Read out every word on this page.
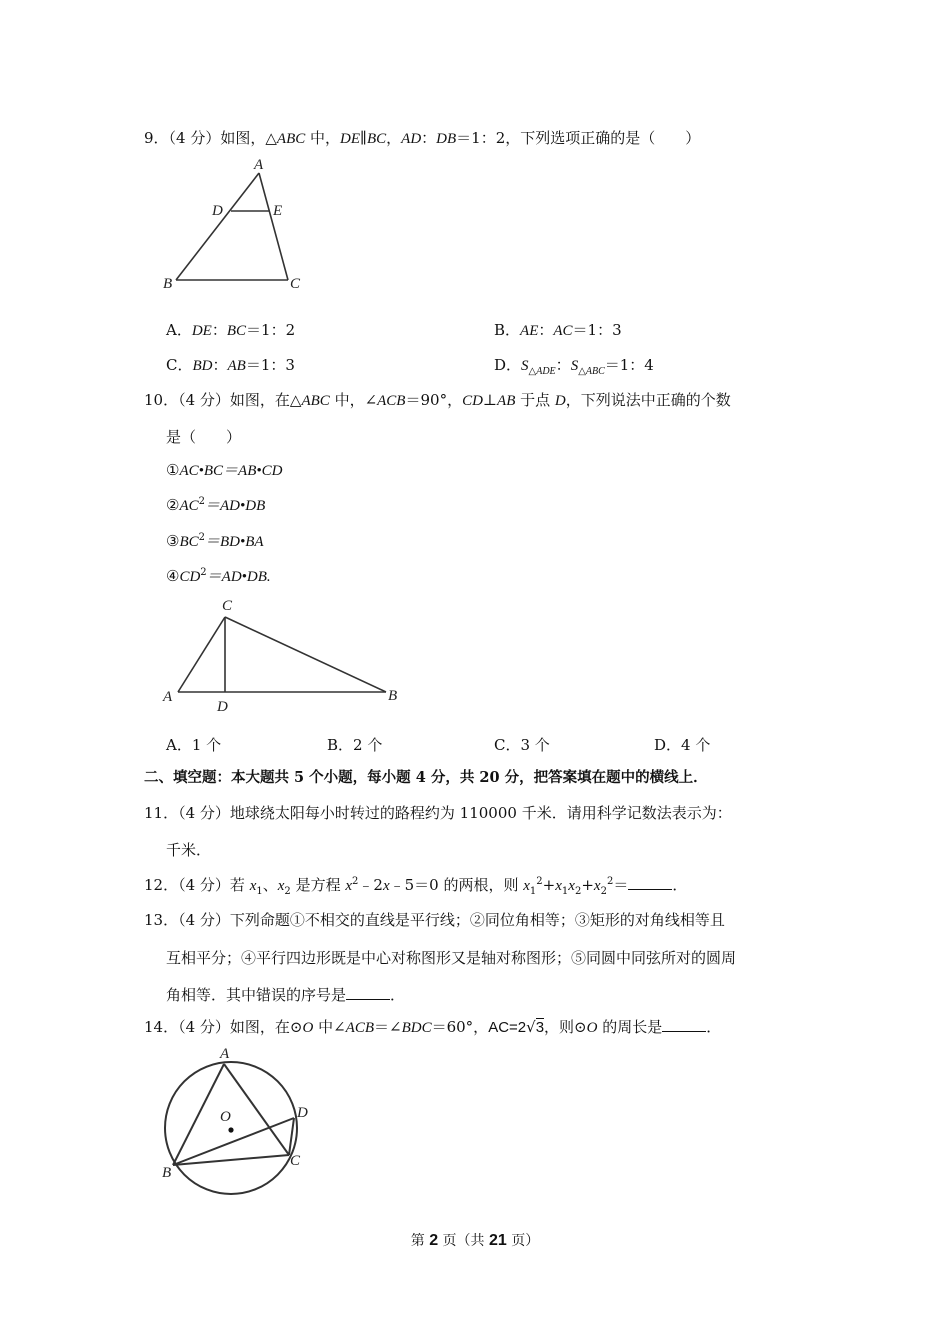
9．（4 分）如图，△ABC 中，DE∥BC，AD：DB＝1：2，下列选项正确的是（　　）
A
D	E
B	C
A．DE：BC＝1：2	B．AE：AC＝1：3
C．BD：AB＝1：3	D．$S_{\triangle ADE}$：$S_{\triangle ABC}=1$：4
10．（4 分）如图，在△ABC 中，∠ACB＝90°，CD⊥AB 于点 D，下列说法中正确的个数
是（　　）
①AC•BC＝AB•CD
$②AC^2=AD•DB$
$③BC^2=BD•BA$
$④CD^2=AD•DB$.
C
A
D
B
A．1 个	B．2 个	C．3 个	D．4 个
二、填空题：本大题共 5 个小题，每小题 4 分，共 20 分，把答案填在题中的横线上．
11．（4 分）地球绕太阳每小时转过的路程约为 110000 千米．请用科学记数法表示为：
千米．
12．（4 分）若 $x_1$、$x_2$ 是方程 $x^2﹣2x﹣5=0$ 的两根，则 $x_1^2+x_1x_2+x_2^2=$	．
13．（4 分）下列命题①不相交的直线是平行线；②同位角相等；③矩形的对角线相等且
互相平分；④平行四边形既是中心对称图形又是轴对称图形；⑤同圆中同弦所对的圆周
角相等．其中错误的序号是	．
14．（4 分）如图，在⊙O 中∠ACB＝∠BDC＝60°，AC=2√3，则⊙O 的周长是	．
A
O	D
C
B
第 2 页（共 21 页）
